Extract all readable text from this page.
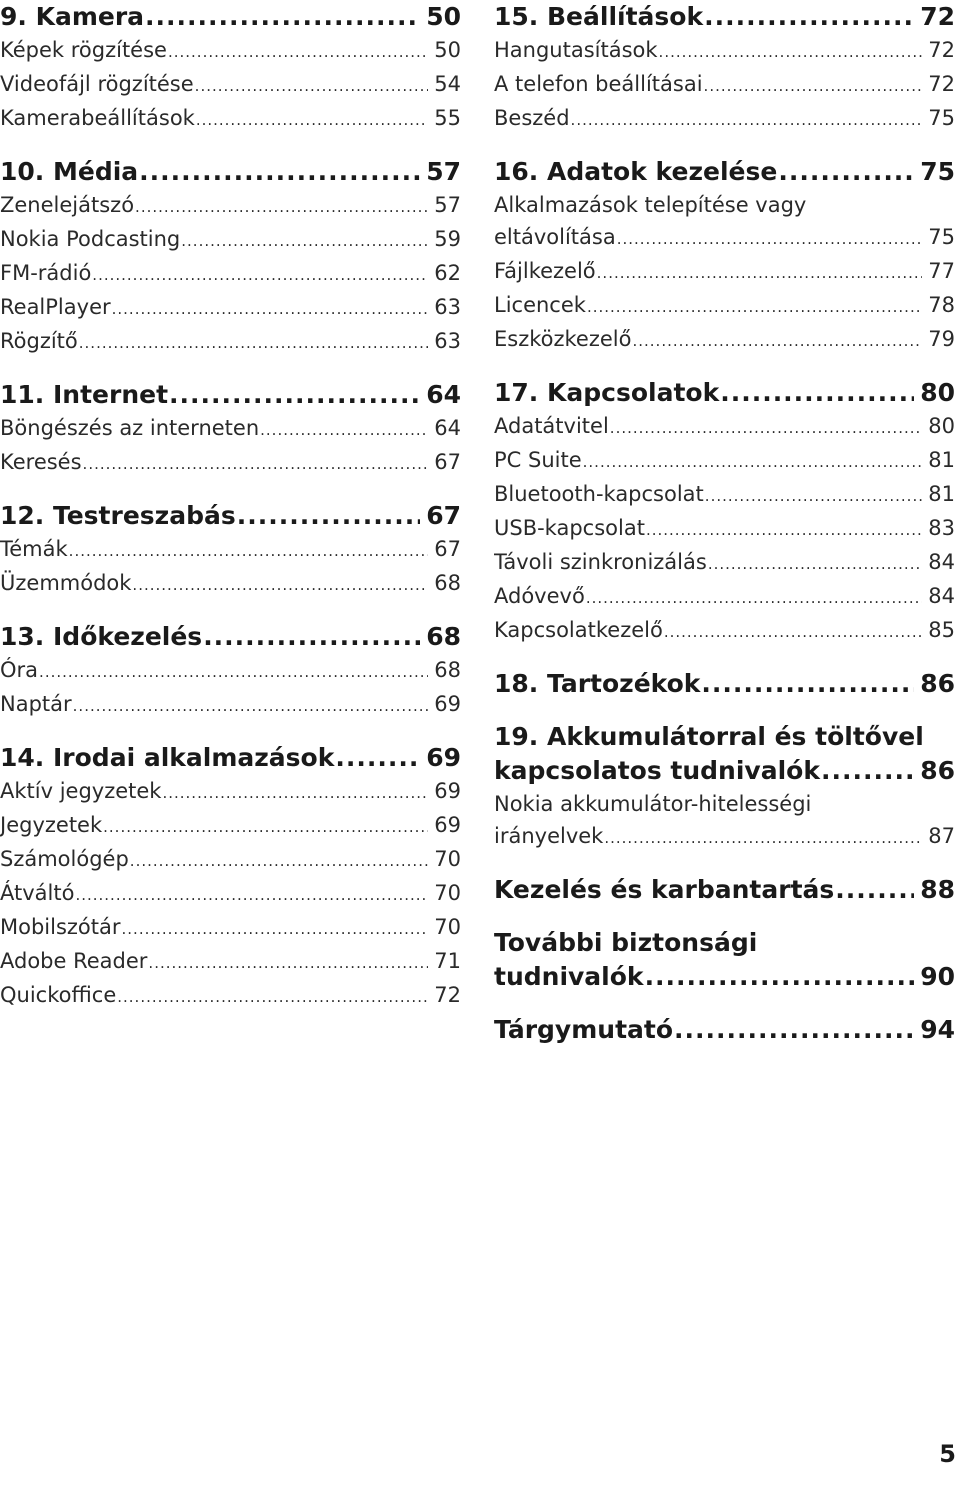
9. Kamera .....	50
Képek rögzítése .....	50
Videofájl rögzítése .....	54
Kamerabeállítások .....	55
10. Média .....	57
Zenelejátszó .....	57
Nokia Podcasting .....	59
FM-rádió .....	62
RealPlayer .....	63
Rögzítő .....	63
11. Internet .....	64
Böngészés az interneten .....	64
Keresés .....	67
12. Testreszabás .....	67
Témák .....	67
Üzemmódok .....	68
13. Időkezelés .....	68
Óra .....	68
Naptár .....	69
14. Irodai alkalmazások .....	69
Aktív jegyzetek .....	69
Jegyzetek .....	69
Számológép .....	70
Átváltó .....	70
Mobilszótár .....	70
Adobe Reader .....	71
Quickoffice .....	72
15. Beállítások .....	72
Hangutasítások .....	72
A telefon beállításai .....	72
Beszéd .....	75
16. Adatok kezelése .....	75
Alkalmazások telepítése vagy
eltávolítása .....	75
Fájlkezelő .....	77
Licencek .....	78
Eszközkezelő .....	79
17. Kapcsolatok .....	80
Adatátvitel .....	80
PC Suite .....	81
Bluetooth-kapcsolat .....	81
USB-kapcsolat .....	83
Távoli szinkronizálás .....	84
Adóvevő .....	84
Kapcsolatkezelő .....	85
18. Tartozékok .....	86
19. Akkumulátorral és töltővel
kapcsolatos tudnivalók .....	86
Nokia akkumulátor-hitelességi
irányelvek .....	87
Kezelés és karbantartás .....	88
További biztonsági
tudnivalók .....	90
Tárgymutató .....	94
5
